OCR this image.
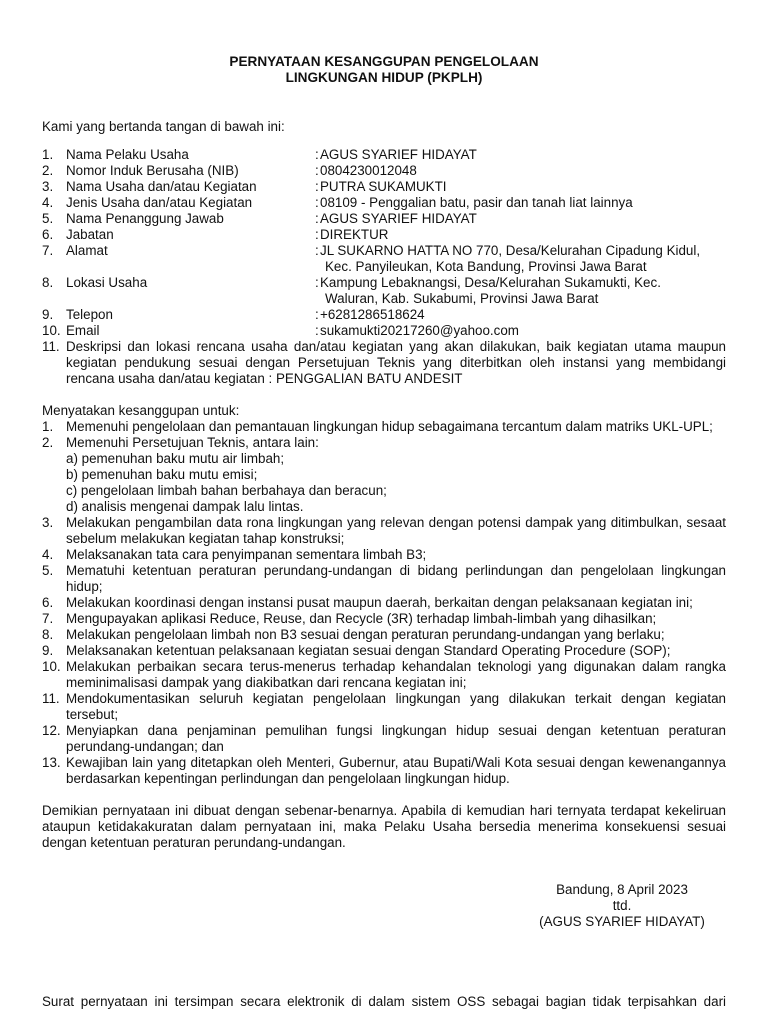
PERNYATAAN KESANGGUPAN PENGELOLAAN
LINGKUNGAN HIDUP (PKPLH)
Kami yang bertanda tangan di bawah ini:
1. Nama Pelaku Usaha	: AGUS SYARIEF HIDAYAT
2. Nomor Induk Berusaha (NIB)	: 0804230012048
3. Nama Usaha dan/atau Kegiatan	: PUTRA SUKAMUKTI
4. Jenis Usaha dan/atau Kegiatan	: 08109 - Penggalian batu, pasir dan tanah liat lainnya
5. Nama Penanggung Jawab	: AGUS SYARIEF HIDAYAT
6. Jabatan	: DIREKTUR
7. Alamat	: JL SUKARNO HATTA NO 770, Desa/Kelurahan Cipadung Kidul,
Kec. Panyileukan, Kota Bandung, Provinsi Jawa Barat
8. Lokasi Usaha	: Kampung Lebaknangsi, Desa/Kelurahan Sukamukti, Kec.
Waluran, Kab. Sukabumi, Provinsi Jawa Barat
9. Telepon	: +6281286518624
10. Email	: sukamukti20217260@yahoo.com
11. Deskripsi dan lokasi rencana usaha dan/atau kegiatan yang akan dilakukan, baik kegiatan utama maupun kegiatan pendukung sesuai dengan Persetujuan Teknis yang diterbitkan oleh instansi yang membidangi rencana usaha dan/atau kegiatan : PENGGALIAN BATU ANDESIT
Menyatakan kesanggupan untuk:
1. Memenuhi pengelolaan dan pemantauan lingkungan hidup sebagaimana tercantum dalam matriks UKL-UPL;
2. Memenuhi Persetujuan Teknis, antara lain:
a) pemenuhan baku mutu air limbah;
b) pemenuhan baku mutu emisi;
c) pengelolaan limbah bahan berbahaya dan beracun;
d) analisis mengenai dampak lalu lintas.
3. Melakukan pengambilan data rona lingkungan yang relevan dengan potensi dampak yang ditimbulkan, sesaat sebelum melakukan kegiatan tahap konstruksi;
4. Melaksanakan tata cara penyimpanan sementara limbah B3;
5. Mematuhi ketentuan peraturan perundang-undangan di bidang perlindungan dan pengelolaan lingkungan hidup;
6. Melakukan koordinasi dengan instansi pusat maupun daerah, berkaitan dengan pelaksanaan kegiatan ini;
7. Mengupayakan aplikasi Reduce, Reuse, dan Recycle (3R) terhadap limbah-limbah yang dihasilkan;
8. Melakukan pengelolaan limbah non B3 sesuai dengan peraturan perundang-undangan yang berlaku;
9. Melaksanakan ketentuan pelaksanaan kegiatan sesuai dengan Standard Operating Procedure (SOP);
10. Melakukan perbaikan secara terus-menerus terhadap kehandalan teknologi yang digunakan dalam rangka meminimalisasi dampak yang diakibatkan dari rencana kegiatan ini;
11. Mendokumentasikan seluruh kegiatan pengelolaan lingkungan yang dilakukan terkait dengan kegiatan tersebut;
12. Menyiapkan dana penjaminan pemulihan fungsi lingkungan hidup sesuai dengan ketentuan peraturan perundang-undangan; dan
13. Kewajiban lain yang ditetapkan oleh Menteri, Gubernur, atau Bupati/Wali Kota sesuai dengan kewenangannya berdasarkan kepentingan perlindungan dan pengelolaan lingkungan hidup.
Demikian pernyataan ini dibuat dengan sebenar-benarnya. Apabila di kemudian hari ternyata terdapat kekeliruan ataupun ketidakakuratan dalam pernyataan ini, maka Pelaku Usaha bersedia menerima konsekuensi sesuai dengan ketentuan peraturan perundang-undangan.
Bandung, 8 April 2023
ttd.
(AGUS SYARIEF HIDAYAT)
Surat pernyataan ini tersimpan secara elektronik di dalam sistem OSS sebagai bagian tidak terpisahkan dari
